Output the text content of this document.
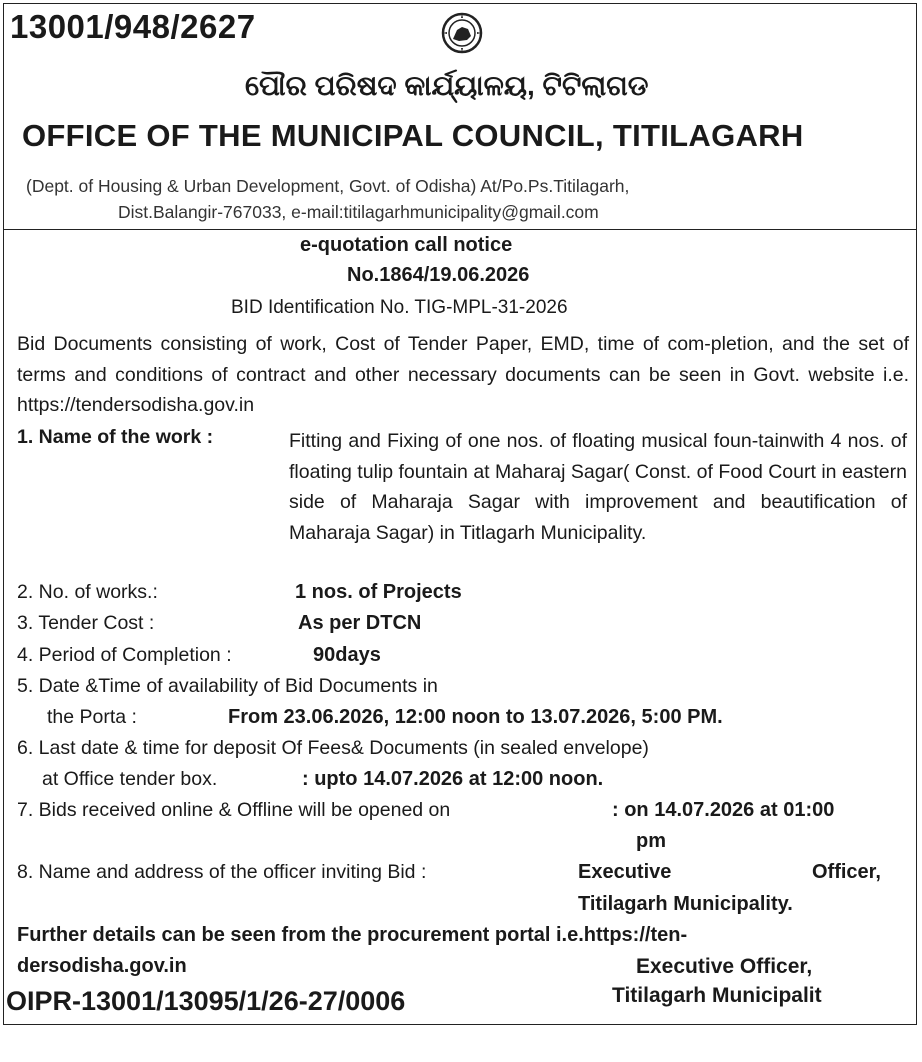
13001/948/2627
ପୌର ପରିଷଦ କାର୍ଯ୍ୟାଳୟ, ଟିଟିଲାଗଡ
OFFICE OF THE MUNICIPAL COUNCIL, TITILAGARH
(Dept. of Housing & Urban Development, Govt. of Odisha) At/Po.Ps.Titilagarh,
Dist.Balangir-767033, e-mail:titilagarhmunicipality@gmail.com
e-quotation call notice
No.1864/19.06.2026
BID Identification No. TIG-MPL-31-2026
Bid Documents consisting of work, Cost of Tender Paper, EMD, time of com-pletion, and the set of terms and conditions of contract and other necessary documents can be seen in Govt. website i.e. https://tendersodisha.gov.in
1. Name of the work :	Fitting and Fixing of one nos. of floating musical foun-tainwith 4 nos. of floating tulip fountain at Maharaj Sagar( Const. of Food Court in eastern side of Maharaja Sagar with improvement and beautification of Maharaja Sagar) in Titlagarh Municipality.
2. No. of works.:	1 nos. of Projects
3. Tender Cost :	As per DTCN
4. Period of Completion :	90days
5. Date &Time of availability of Bid Documents in
the Porta :	From 23.06.2026, 12:00 noon to 13.07.2026, 5:00 PM.
6. Last date & time for deposit Of Fees& Documents (in sealed envelope)
at Office tender box.	: upto 14.07.2026 at 12:00 noon.
7. Bids received online & Offline will be opened on	: on 14.07.2026 at 01:00
pm
8. Name and address of the officer inviting Bid :	Executive	Officer,
Titilagarh Municipality.
Further details can be seen from the procurement portal i.e.https://ten-
dersodisha.gov.in	Executive Officer,
Titilagarh Municipalit
OIPR-13001/13095/1/26-27/0006
